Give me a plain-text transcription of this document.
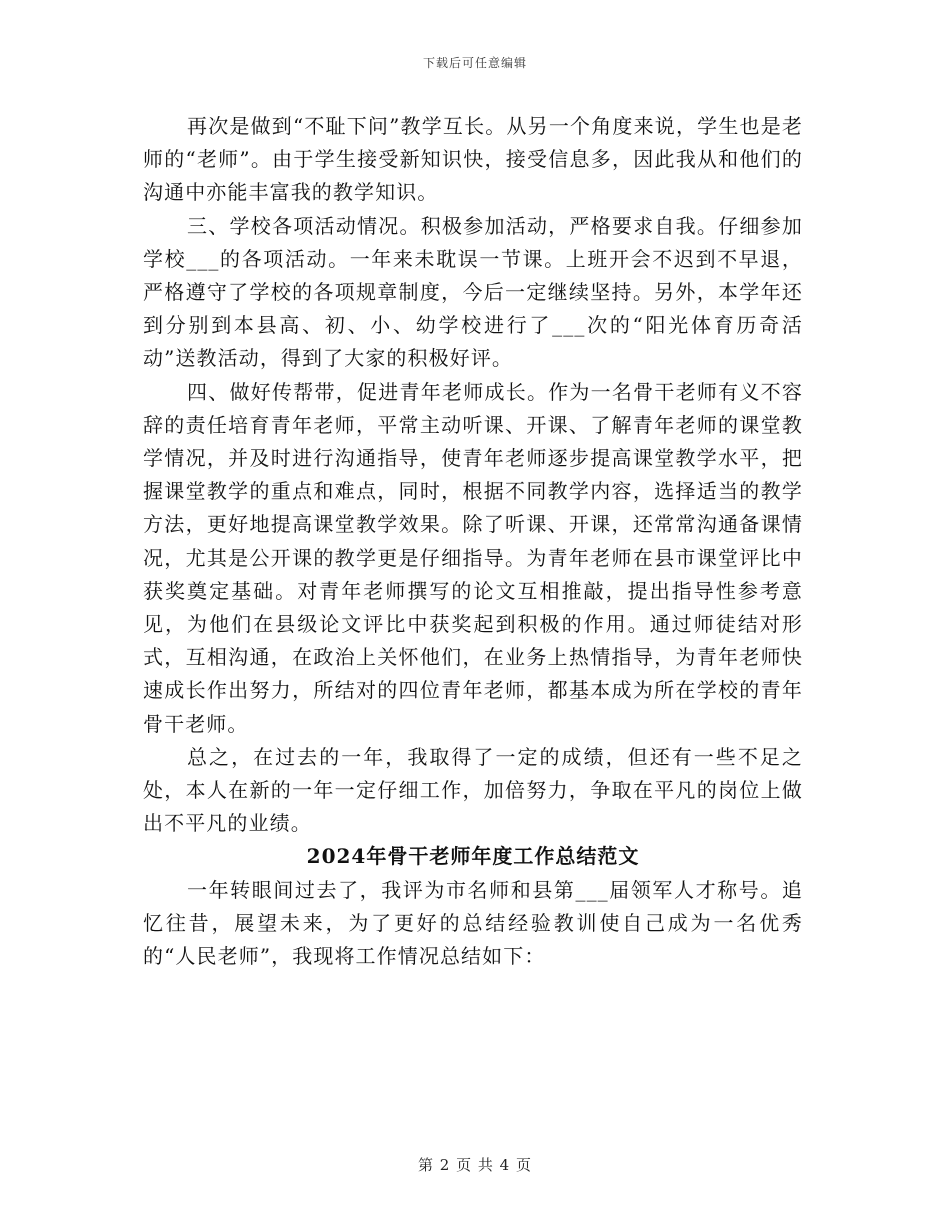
下载后可任意编辑

再次是做到“不耻下问”教学互长。从另一个角度来说，学生也是老师的“老师”。由于学生接受新知识快，接受信息多，因此我从和他们的沟通中亦能丰富我的教学知识。

三、学校各项活动情况。积极参加活动，严格要求自我。仔细参加学校___的各项活动。一年来未耽误一节课。上班开会不迟到不早退，严格遵守了学校的各项规章制度，今后一定继续坚持。另外，本学年还到分别到本县高、初、小、幼学校进行了___次的“阳光体育历奇活动”送教活动，得到了大家的积极好评。

四、做好传帮带，促进青年老师成长。作为一名骨干老师有义不容辞的责任培育青年老师，平常主动听课、开课、了解青年老师的课堂教学情况，并及时进行沟通指导，使青年老师逐步提高课堂教学水平，把握课堂教学的重点和难点，同时，根据不同教学内容，选择适当的教学方法，更好地提高课堂教学效果。除了听课、开课，还常常沟通备课情况，尤其是公开课的教学更是仔细指导。为青年老师在县市课堂评比中获奖奠定基础。对青年老师撰写的论文互相推敲，提出指导性参考意见，为他们在县级论文评比中获奖起到积极的作用。通过师徒结对形式，互相沟通，在政治上关怀他们，在业务上热情指导，为青年老师快速成长作出努力，所结对的四位青年老师，都基本成为所在学校的青年骨干老师。

总之，在过去的一年，我取得了一定的成绩，但还有一些不足之处，本人在新的一年一定仔细工作，加倍努力，争取在平凡的岗位上做出不平凡的业绩。

2024年骨干老师年度工作总结范文

一年转眼间过去了，我评为市名师和县第___届领军人才称号。追忆往昔，展望未来，为了更好的总结经验教训使自己成为一名优秀的“人民老师”，我现将工作情况总结如下：

第 2 页 共 4 页
